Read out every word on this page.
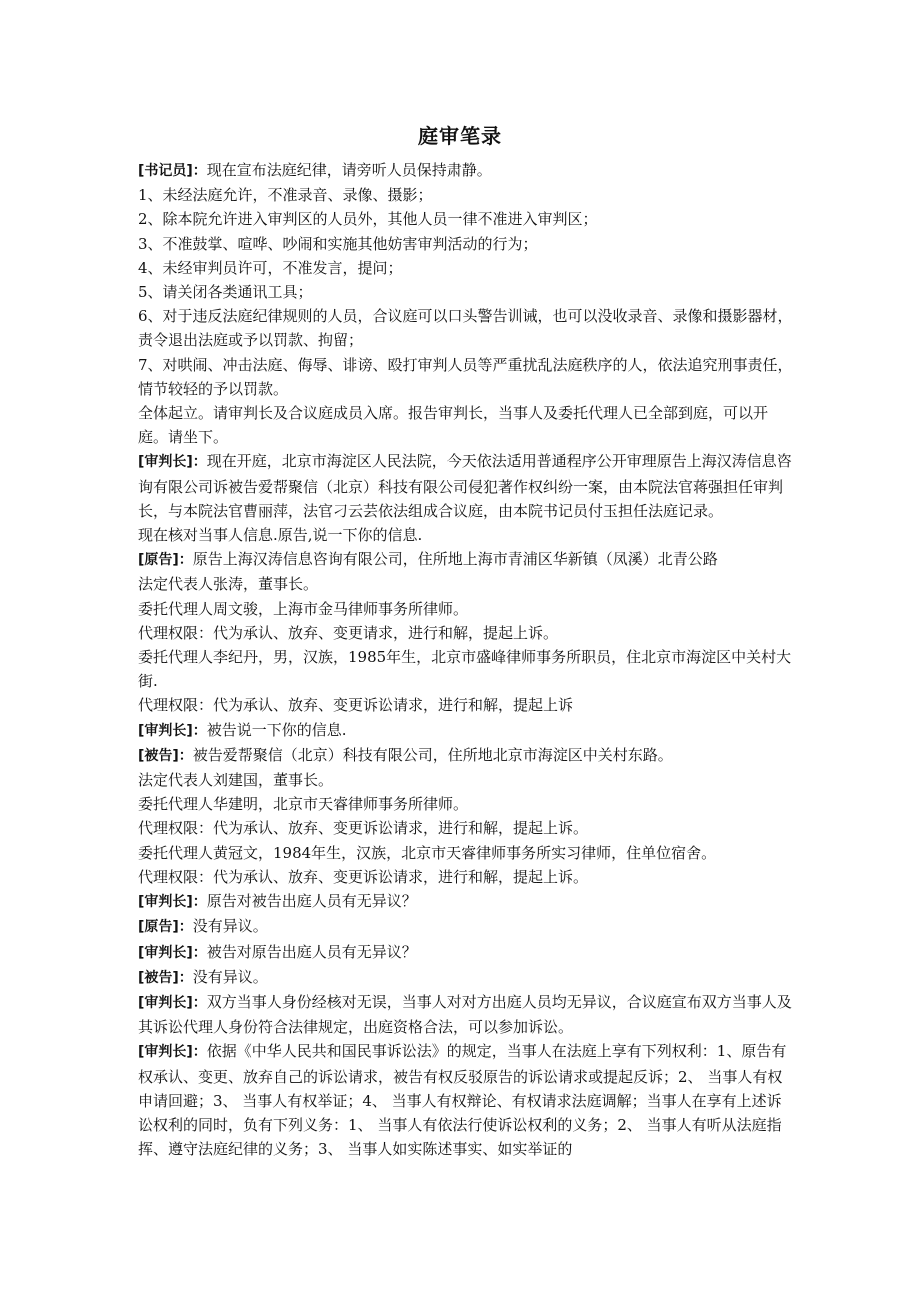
庭审笔录
[书记员]：现在宣布法庭纪律，请旁听人员保持肃静。
1、未经法庭允许，不准录音、录像、摄影；
2、除本院允许进入审判区的人员外，其他人员一律不准进入审判区；
3、不准鼓掌、喧哗、吵闹和实施其他妨害审判活动的行为；
4、未经审判员许可，不准发言，提问；
5、请关闭各类通讯工具；
6、对于违反法庭纪律规则的人员，合议庭可以口头警告训诫，也可以没收录音、录像和摄影器材，责令退出法庭或予以罚款、拘留；
7、对哄闹、冲击法庭、侮辱、诽谤、殴打审判人员等严重扰乱法庭秩序的人，依法追究刑事责任，情节较轻的予以罚款。
全体起立。请审判长及合议庭成员入席。报告审判长，当事人及委托代理人已全部到庭，可以开庭。请坐下。
[审判长]：现在开庭，北京市海淀区人民法院，今天依法适用普通程序公开审理原告上海汉涛信息咨询有限公司诉被告爱帮聚信（北京）科技有限公司侵犯著作权纠纷一案，由本院法官蒋强担任审判长，与本院法官曹丽萍，法官刁云芸依法组成合议庭，由本院书记员付玉担任法庭记录。
现在核对当事人信息.原告,说一下你的信息.
[原告]：原告上海汉涛信息咨询有限公司，住所地上海市青浦区华新镇（凤溪）北青公路
法定代表人张涛，董事长。
委托代理人周文骏，上海市金马律师事务所律师。
代理权限：代为承认、放弃、变更请求，进行和解，提起上诉。
委托代理人李纪丹，男，汉族，1985年生，北京市盛峰律师事务所职员，住北京市海淀区中关村大街.
代理权限：代为承认、放弃、变更诉讼请求，进行和解，提起上诉
[审判长]：被告说一下你的信息.
[被告]：被告爱帮聚信（北京）科技有限公司，住所地北京市海淀区中关村东路。
法定代表人刘建国，董事长。
委托代理人华建明，北京市天睿律师事务所律师。
代理权限：代为承认、放弃、变更诉讼请求，进行和解，提起上诉。
委托代理人黄冠文，1984年生，汉族，北京市天睿律师事务所实习律师，住单位宿舍。
代理权限：代为承认、放弃、变更诉讼请求，进行和解，提起上诉。
[审判长]：原告对被告出庭人员有无异议？
[原告]：没有异议。
[审判长]：被告对原告出庭人员有无异议？
[被告]：没有异议。
[审判长]：双方当事人身份经核对无误，当事人对对方出庭人员均无异议，合议庭宣布双方当事人及其诉讼代理人身份符合法律规定，出庭资格合法，可以参加诉讼。
[审判长]：依据《中华人民共和国民事诉讼法》的规定，当事人在法庭上享有下列权利：1、原告有权承认、变更、放弃自己的诉讼请求，被告有权反驳原告的诉讼请求或提起反诉；2、 当事人有权申请回避；3、 当事人有权举证；4、 当事人有权辩论、有权请求法庭调解；当事人在享有上述诉讼权利的同时，负有下列义务：1、 当事人有依法行使诉讼权利的义务；2、 当事人有听从法庭指挥、遵守法庭纪律的义务；3、 当事人如实陈述事实、如实举证的
